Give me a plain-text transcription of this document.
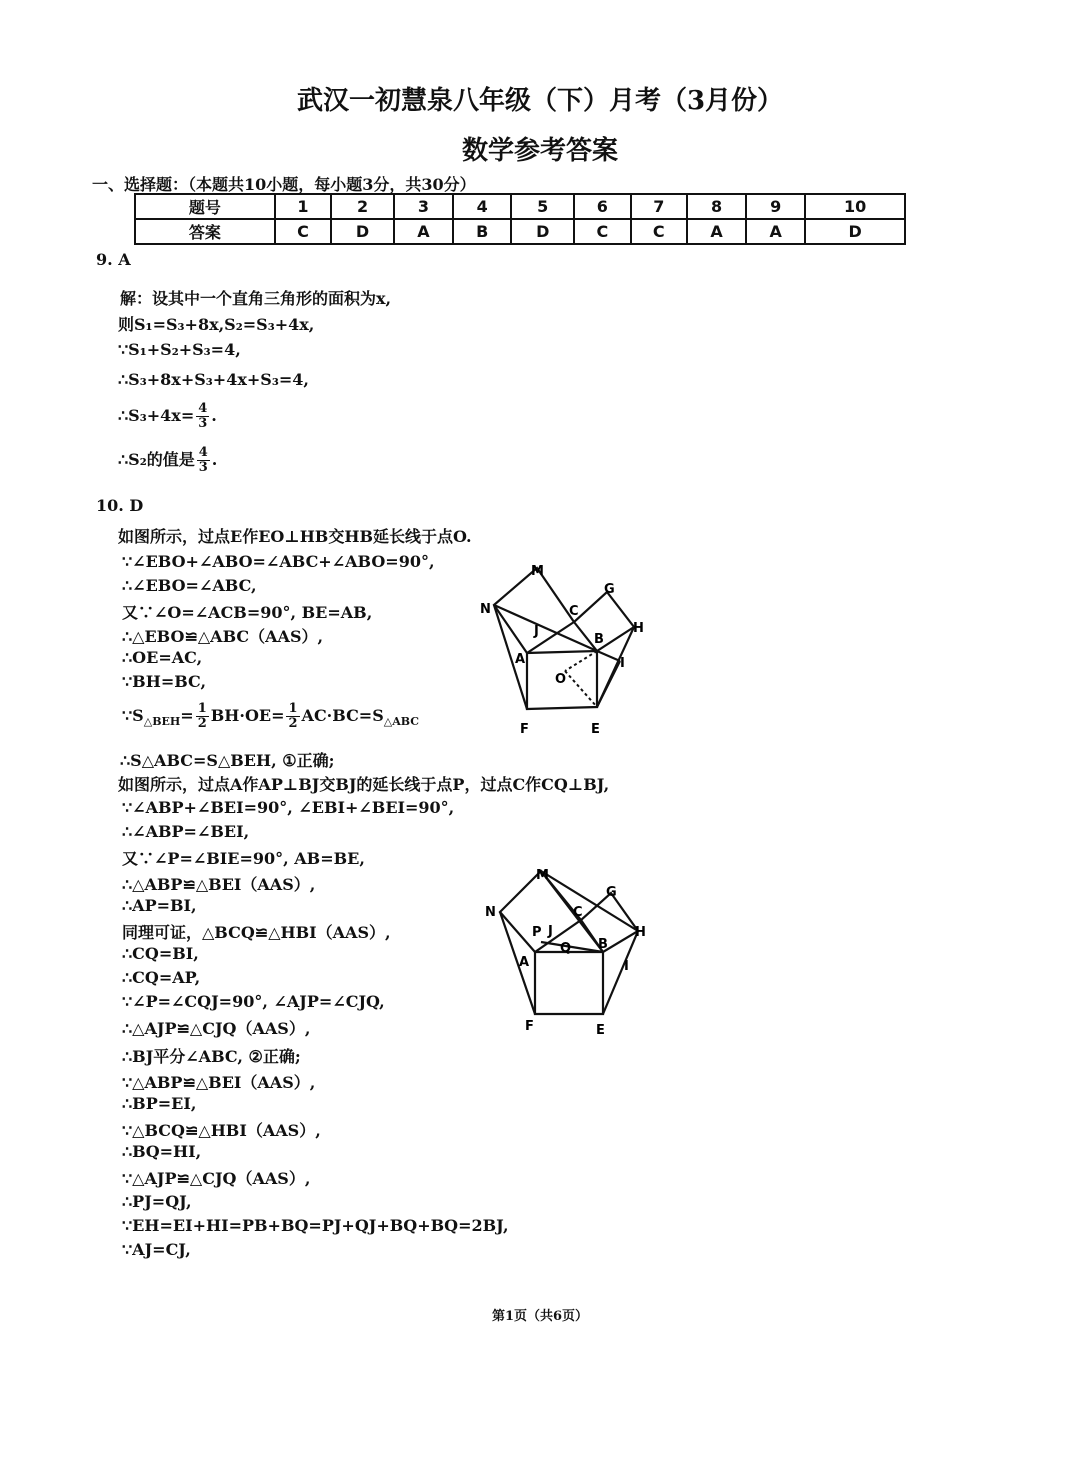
武汉一初慧泉八年级（下）月考（3月份）
数学参考答案
一、选择题：（本题共10小题，每小题3分，共30分）
题号	1	2	3	4	5	6	7	8	9	10
答案	C	D	A	B	D	C	C	A	A	D
9. A
解：设其中一个直角三角形的面积为x,
则S₁=S₃+8x,S₂=S₃+4x,
∵S₁+S₂+S₃=4,
∴S₃+8x+S₃+4x+S₃=4,
∴S₃+4x= $\frac{4}{3}$ .
∴S₂的值是 $\frac{4}{3}$ .
10. D
如图所示，过点E作EO⊥HB交HB延长线于点O.
∵∠EBO+∠ABO=∠ABC+∠ABO=90°,
∴∠EBO=∠ABC,
又∵∠O=∠ACB=90°, BE=AB,
∴△EBO≌△ABC（AAS）,
∴OE=AC,
∵BH=BC,
$\because S_{\triangle BEH}= \frac{1}{2} BH\cdot OE= \frac{1}{2} AC\cdot BC=S_{\triangle ABC}$
∴S△ABC=S△BEH, ①正确;
如图所示，过点A作AP⊥BJ交BJ的延长线于点P，过点C作CQ⊥BJ,
∵∠ABP+∠BEI=90°, ∠EBI+∠BEI=90°,
∴∠ABP=∠BEI,
又∵∠P=∠BIE=90°, AB=BE,
∴△ABP≌△BEI（AAS）,
∴AP=BI,
同理可证，△BCQ≌△HBI（AAS）,
∴CQ=BI,
∴CQ=AP,
∵∠P=∠CQJ=90°, ∠AJP=∠CJQ,
∴△AJP≌△CJQ（AAS）,
∴BJ平分∠ABC, ②正确;
∵△ABP≌△BEI（AAS）,
∴BP=EI,
∵△BCQ≌△HBI（AAS）,
∴BQ=HI,
∵△AJP≌△CJQ（AAS）,
∴PJ=QJ,
∵EH=EI+HI=PB+BQ=PJ+QJ+BQ+BQ=2BJ,
∵AJ=CJ,
M
G
N	C
H
J
B
A	I
O
F	E
M
G
C
N
H
P J
Q B
A	I
F	E
第1页（共6页）
